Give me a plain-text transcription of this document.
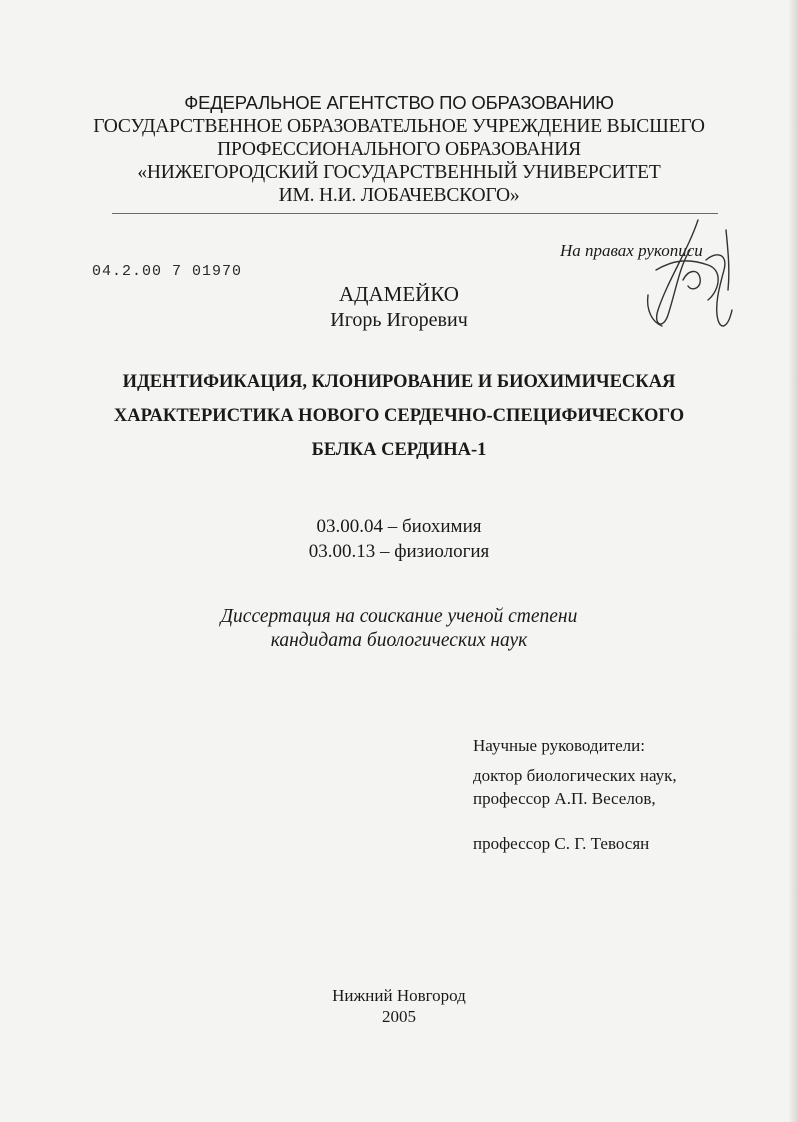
ФЕДЕРАЛЬНОЕ АГЕНТСТВО ПО ОБРАЗОВАНИЮ
ГОСУДАРСТВЕННОЕ ОБРАЗОВАТЕЛЬНОЕ УЧРЕЖДЕНИЕ ВЫСШЕГО
ПРОФЕССИОНАЛЬНОГО ОБРАЗОВАНИЯ
«НИЖЕГОРОДСКИЙ ГОСУДАРСТВЕННЫЙ УНИВЕРСИТЕТ
ИМ. Н.И. ЛОБАЧЕВСКОГО»
04.2.00 7 01970
На правах рукописи
АДАМЕЙКО
Игорь Игоревич
ИДЕНТИФИКАЦИЯ, КЛОНИРОВАНИЕ И БИОХИМИЧЕСКАЯ
ХАРАКТЕРИСТИКА НОВОГО СЕРДЕЧНО-СПЕЦИФИЧЕСКОГО
БЕЛКА СЕРДИНА-1
03.00.04 – биохимия
03.00.13 – физиология
Диссертация на соискание ученой степени
кандидата биологических наук
Научные руководители:
доктор биологических наук,
профессор А.П. Веселов,
профессор С. Г. Тевосян
Нижний Новгород
2005
